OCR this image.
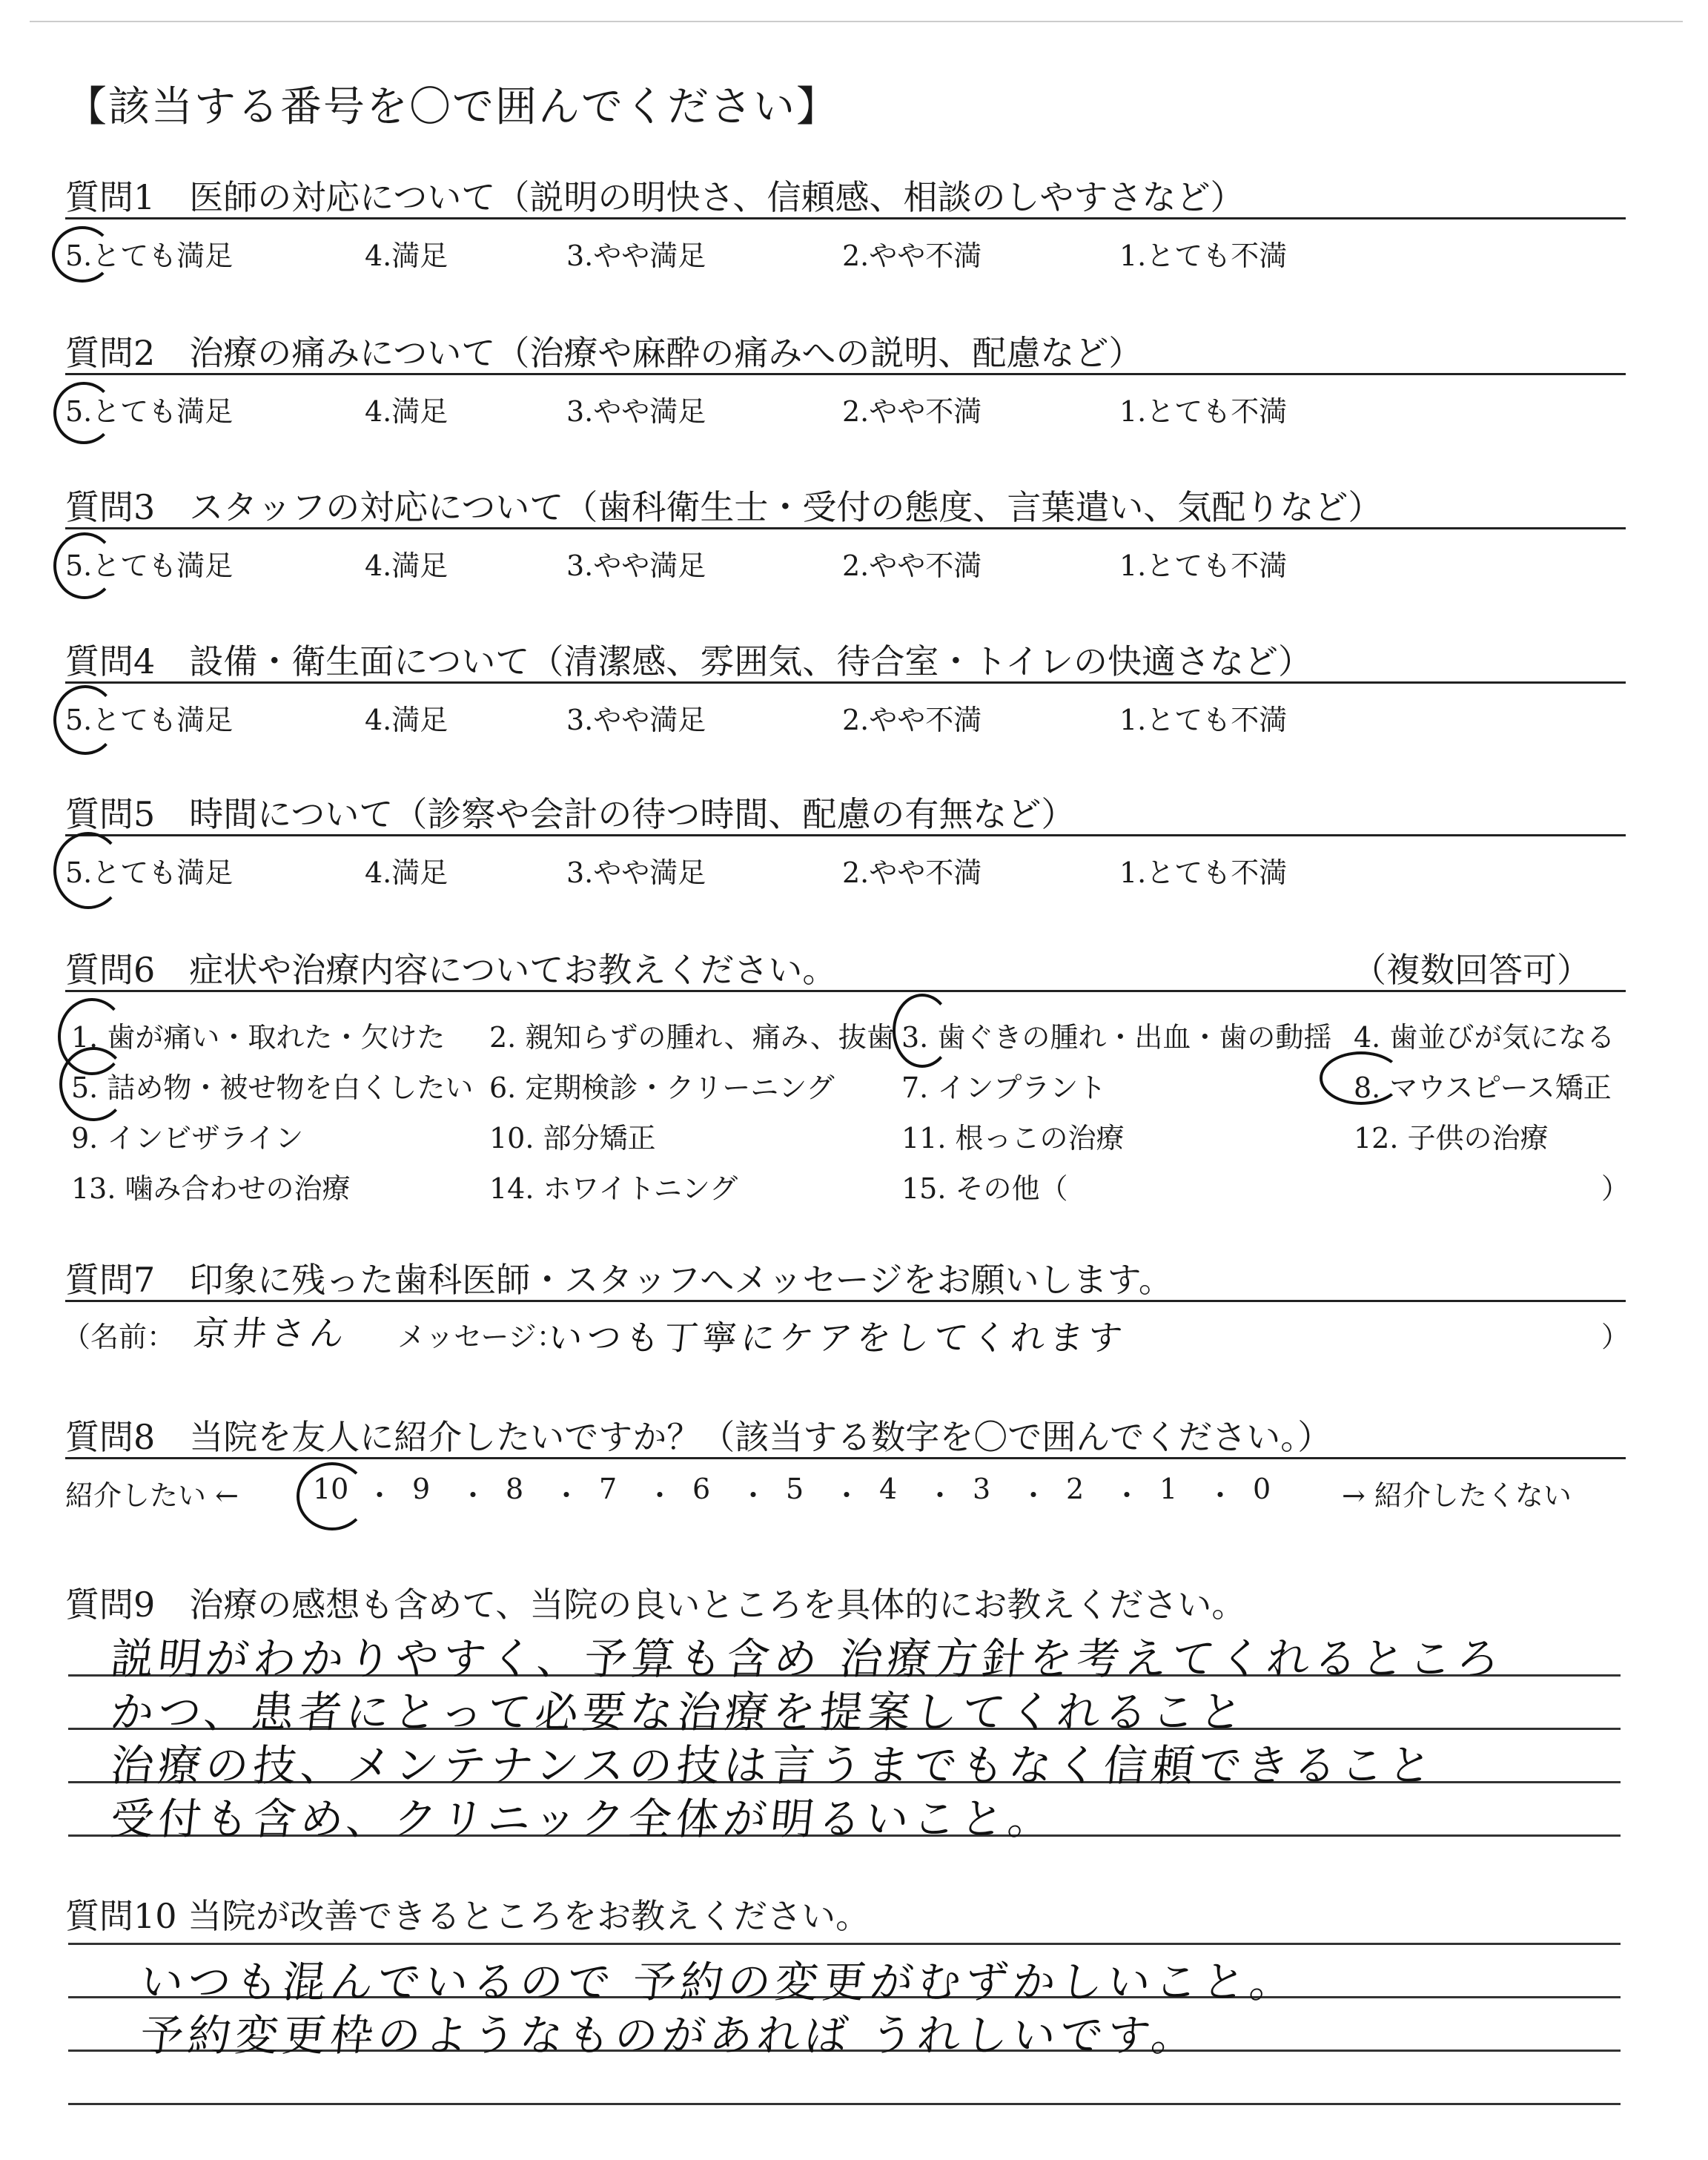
【該当する番号を〇で囲んでください】
質問1　医師の対応について（説明の明快さ、信頼感、相談のしやすさなど）
5.とても満足	4.満足	3.やや満足	2.やや不満	1.とても不満
質問2　治療の痛みについて（治療や麻酔の痛みへの説明、配慮など）
5.とても満足	4.満足	3.やや満足	2.やや不満	1.とても不満
質問3　スタッフの対応について（歯科衛生士・受付の態度、言葉遣い、気配りなど）
5.とても満足	4.満足	3.やや満足	2.やや不満	1.とても不満
質問4　設備・衛生面について（清潔感、雰囲気、待合室・トイレの快適さなど）
5.とても満足	4.満足	3.やや満足	2.やや不満	1.とても不満
質問5　時間について（診察や会計の待つ時間、配慮の有無など）
5.とても満足	4.満足	3.やや満足	2.やや不満	1.とても不満
質問6　症状や治療内容についてお教えください。	（複数回答可）
1. 歯が痛い・取れた・欠けた 2. 親知らずの腫れ、痛み、抜歯 3. 歯ぐきの腫れ・出血・歯の動揺 4. 歯並びが気になる
5. 詰め物・被せ物を白くしたい 6. 定期検診・クリーニング 7. インプラント	8. マウスピース矯正
9. インビザライン	10. 部分矯正	11. 根っこの治療	12. 子供の治療
13. 噛み合わせの治療	14. ホワイトニング	15. その他（	）
質問7　印象に残った歯科医師・スタッフへメッセージをお願いします。
（名前： 京井さん メッセージ：
いつも丁寧にケアをしてくれます	）
質問8　当院を友人に紹介したいですか？（該当する数字を〇で囲んでください。）
紹介したい ←	→ 紹介したくない
10 ・ 9 ・ 8 ・ 7 ・ 6 ・ 5 ・ 4 ・ 3 ・ 2 ・ 1 ・ 0
質問9　治療の感想も含めて、当院の良いところを具体的にお教えください。
説明がわかりやすく、予算も含め 治療方針を考えてくれるところ
かつ、患者にとって必要な治療を提案してくれること
治療の技、メンテナンスの技は言うまでもなく信頼できること
受付も含め、クリニック全体が明るいこと。
質問10 当院が改善できるところをお教えください。
いつも混んでいるので 予約の変更がむずかしいこと。
予約変更枠のようなものがあれば うれしいです。
